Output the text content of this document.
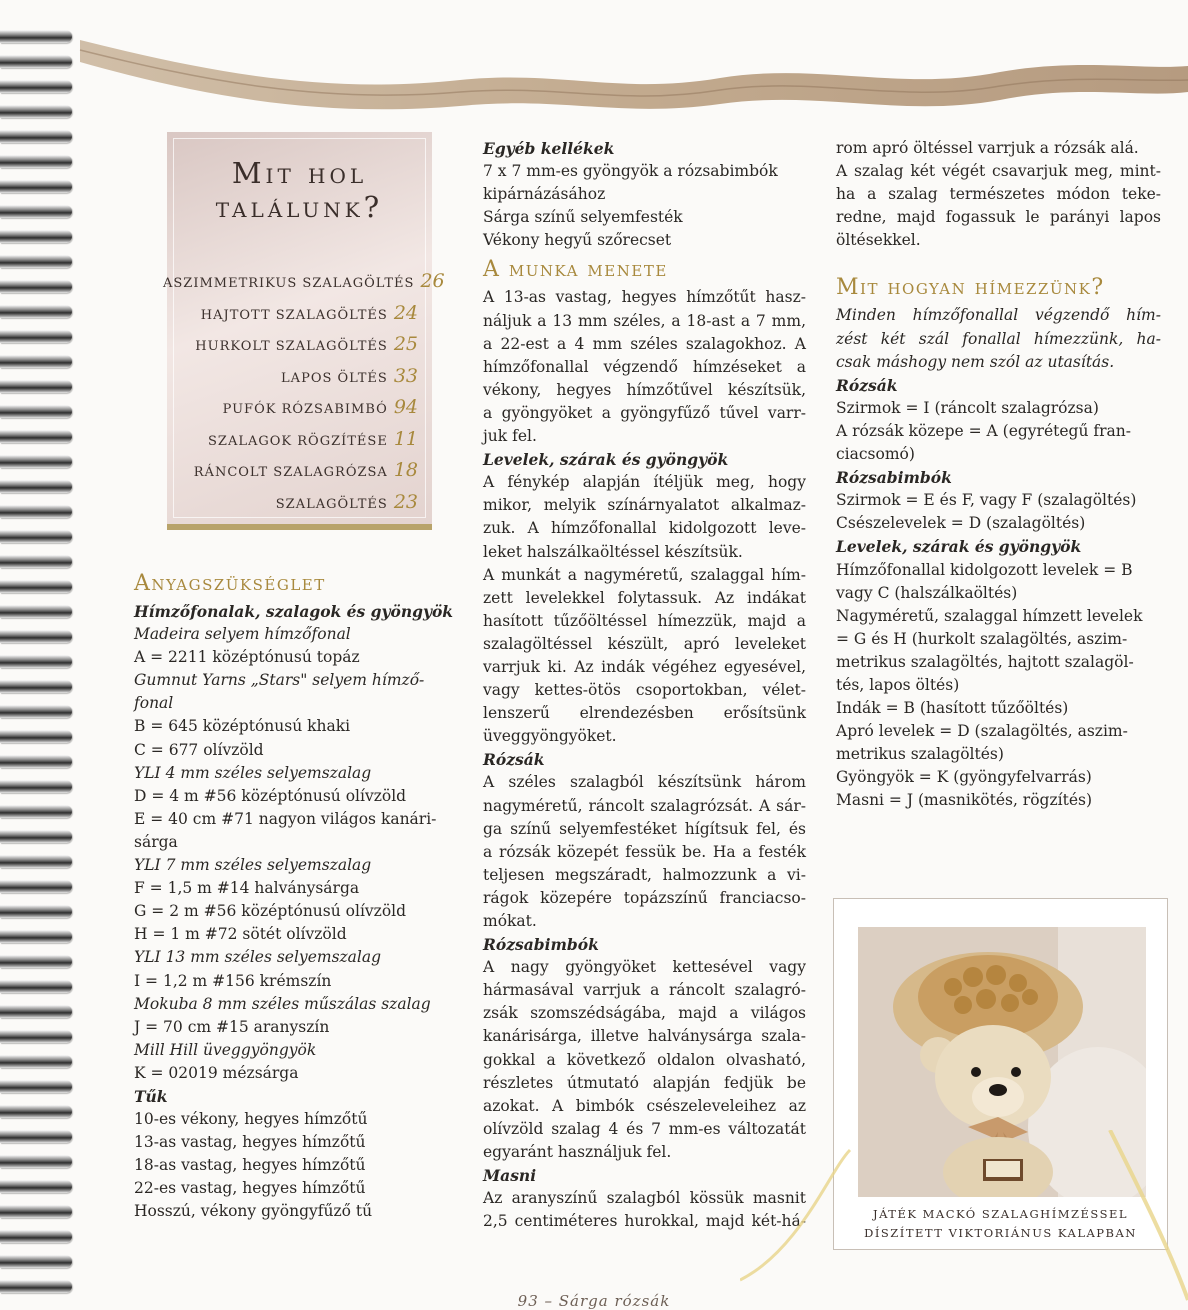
Mit hol
találunk?
ASZIMMETRIKUS SZALAGÖLTÉS 26
HAJTOTT SZALAGÖLTÉS 24
HURKOLT SZALAGÖLTÉS 25
LAPOS ÖLTÉS 33
PUFÓK RÓZSABIMBÓ 94
SZALAGOK RÖGZÍTÉSE 11
RÁNCOLT SZALAGRÓZSA 18
SZALAGÖLTÉS 23
Anyagszükséglet

Hímzőfonalak, szalagok és gyöngyök

Madeira selyem hímzőfonal

A = 2211 középtónusú topáz

Gumnut Yarns „Stars" selyem hímző-

fonal

B = 645 középtónusú khaki

C = 677 olívzöld

YLI 4 mm széles selyemszalag

D = 4 m #56 középtónusú olívzöld

E = 40 cm #71 nagyon világos kanári-

sárga

YLI 7 mm széles selyemszalag

F = 1,5 m #14 halványsárga

G = 2 m #56 középtónusú olívzöld

H = 1 m #72 sötét olívzöld

YLI 13 mm széles selyemszalag

I = 1,2 m #156 krémszín

Mokuba 8 mm széles műszálas szalag

J = 70 cm #15 aranyszín

Mill Hill üveggyöngyök

K = 02019 mézsárga

Tűk

10-es vékony, hegyes hímzőtű

13-as vastag, hegyes hímzőtű

18-as vastag, hegyes hímzőtű

22-es vastag, hegyes hímzőtű

Hosszú, vékony gyöngyfűző tű

Egyéb kellékek

7 x 7 mm-es gyöngyök a rózsabimbók

kipárnázásához

Sárga színű selyemfesték

Vékony hegyű szőrecset

A munka menete

A 13-as vastag, hegyes hímzőtűt hasz-

náljuk a 13 mm széles, a 18-ast a 7 mm,

a 22-est a 4 mm széles szalagokhoz. A

hímzőfonallal végzendő hímzéseket a

vékony, hegyes hímzőtűvel készítsük,

a gyöngyöket a gyöngyfűző tűvel varr-

juk fel.

Levelek, szárak és gyöngyök

A fénykép alapján ítéljük meg, hogy

mikor, melyik színárnyalatot alkalmaz-

zuk. A hímzőfonallal kidolgozott leve-

leket halszálkaöltéssel készítsük.

A munkát a nagyméretű, szalaggal hím-

zett levelekkel folytassuk. Az indákat

hasított tűzőöltéssel hímezzük, majd a

szalagöltéssel készült, apró leveleket

varrjuk ki. Az indák végéhez egyesével,

vagy kettes-ötös csoportokban, vélet-

lenszerű elrendezésben erősítsünk

üveggyöngyöket.

Rózsák

A széles szalagból készítsünk három

nagyméretű, ráncolt szalagrózsát. A sár-

ga színű selyemfestéket hígítsuk fel, és

a rózsák közepét fessük be. Ha a festék

teljesen megszáradt, halmozzunk a vi-

rágok közepére topázszínű franciacso-

mókat.

Rózsabimbók

A nagy gyöngyöket kettesével vagy

hármasával varrjuk a ráncolt szalagró-

zsák szomszédságába, majd a világos

kanárisárga, illetve halványsárga szala-

gokkal a következő oldalon olvasható,

részletes útmutató alapján fedjük be

azokat. A bimbók csészeleveleihez az

olívzöld szalag 4 és 7 mm-es változatát

egyaránt használjuk fel.

Masni

Az aranyszínű szalagból kössük masnit

2,5 centiméteres hurokkal, majd két-há-

rom apró öltéssel varrjuk a rózsák alá.

A szalag két végét csavarjuk meg, mint-

ha a szalag természetes módon teke-

redne, majd fogassuk le parányi lapos

öltésekkel.

Mit hogyan hímezzünk?

Minden hímzőfonallal végzendő hím-

zést két szál fonallal hímezzünk, ha-

csak máshogy nem szól az utasítás.

Rózsák

Szirmok = I (ráncolt szalagrózsa)

A rózsák közepe = A (egyrétegű fran-

ciacsomó)

Rózsabimbók

Szirmok = E és F, vagy F (szalagöltés)

Csészelevelek = D (szalagöltés)

Levelek, szárak és gyöngyök

Hímzőfonallal kidolgozott levelek = B

vagy C (halszálkaöltés)

Nagyméretű, szalaggal hímzett levelek

= G és H (hurkolt szalagöltés, aszim-

metrikus szalagöltés, hajtott szalagöl-

tés, lapos öltés)

Indák = B (hasított tűzőöltés)

Apró levelek = D (szalagöltés, aszim-

metrikus szalagöltés)

Gyöngyök = K (gyöngyfelvarrás)

Masni = J (masnikötés, rögzítés)

JÁTÉK MACKÓ SZALAGHÍMZÉSSEL
DÍSZÍTETT VIKTORIÁNUS KALAPBAN
93 – Sárga rózsák
